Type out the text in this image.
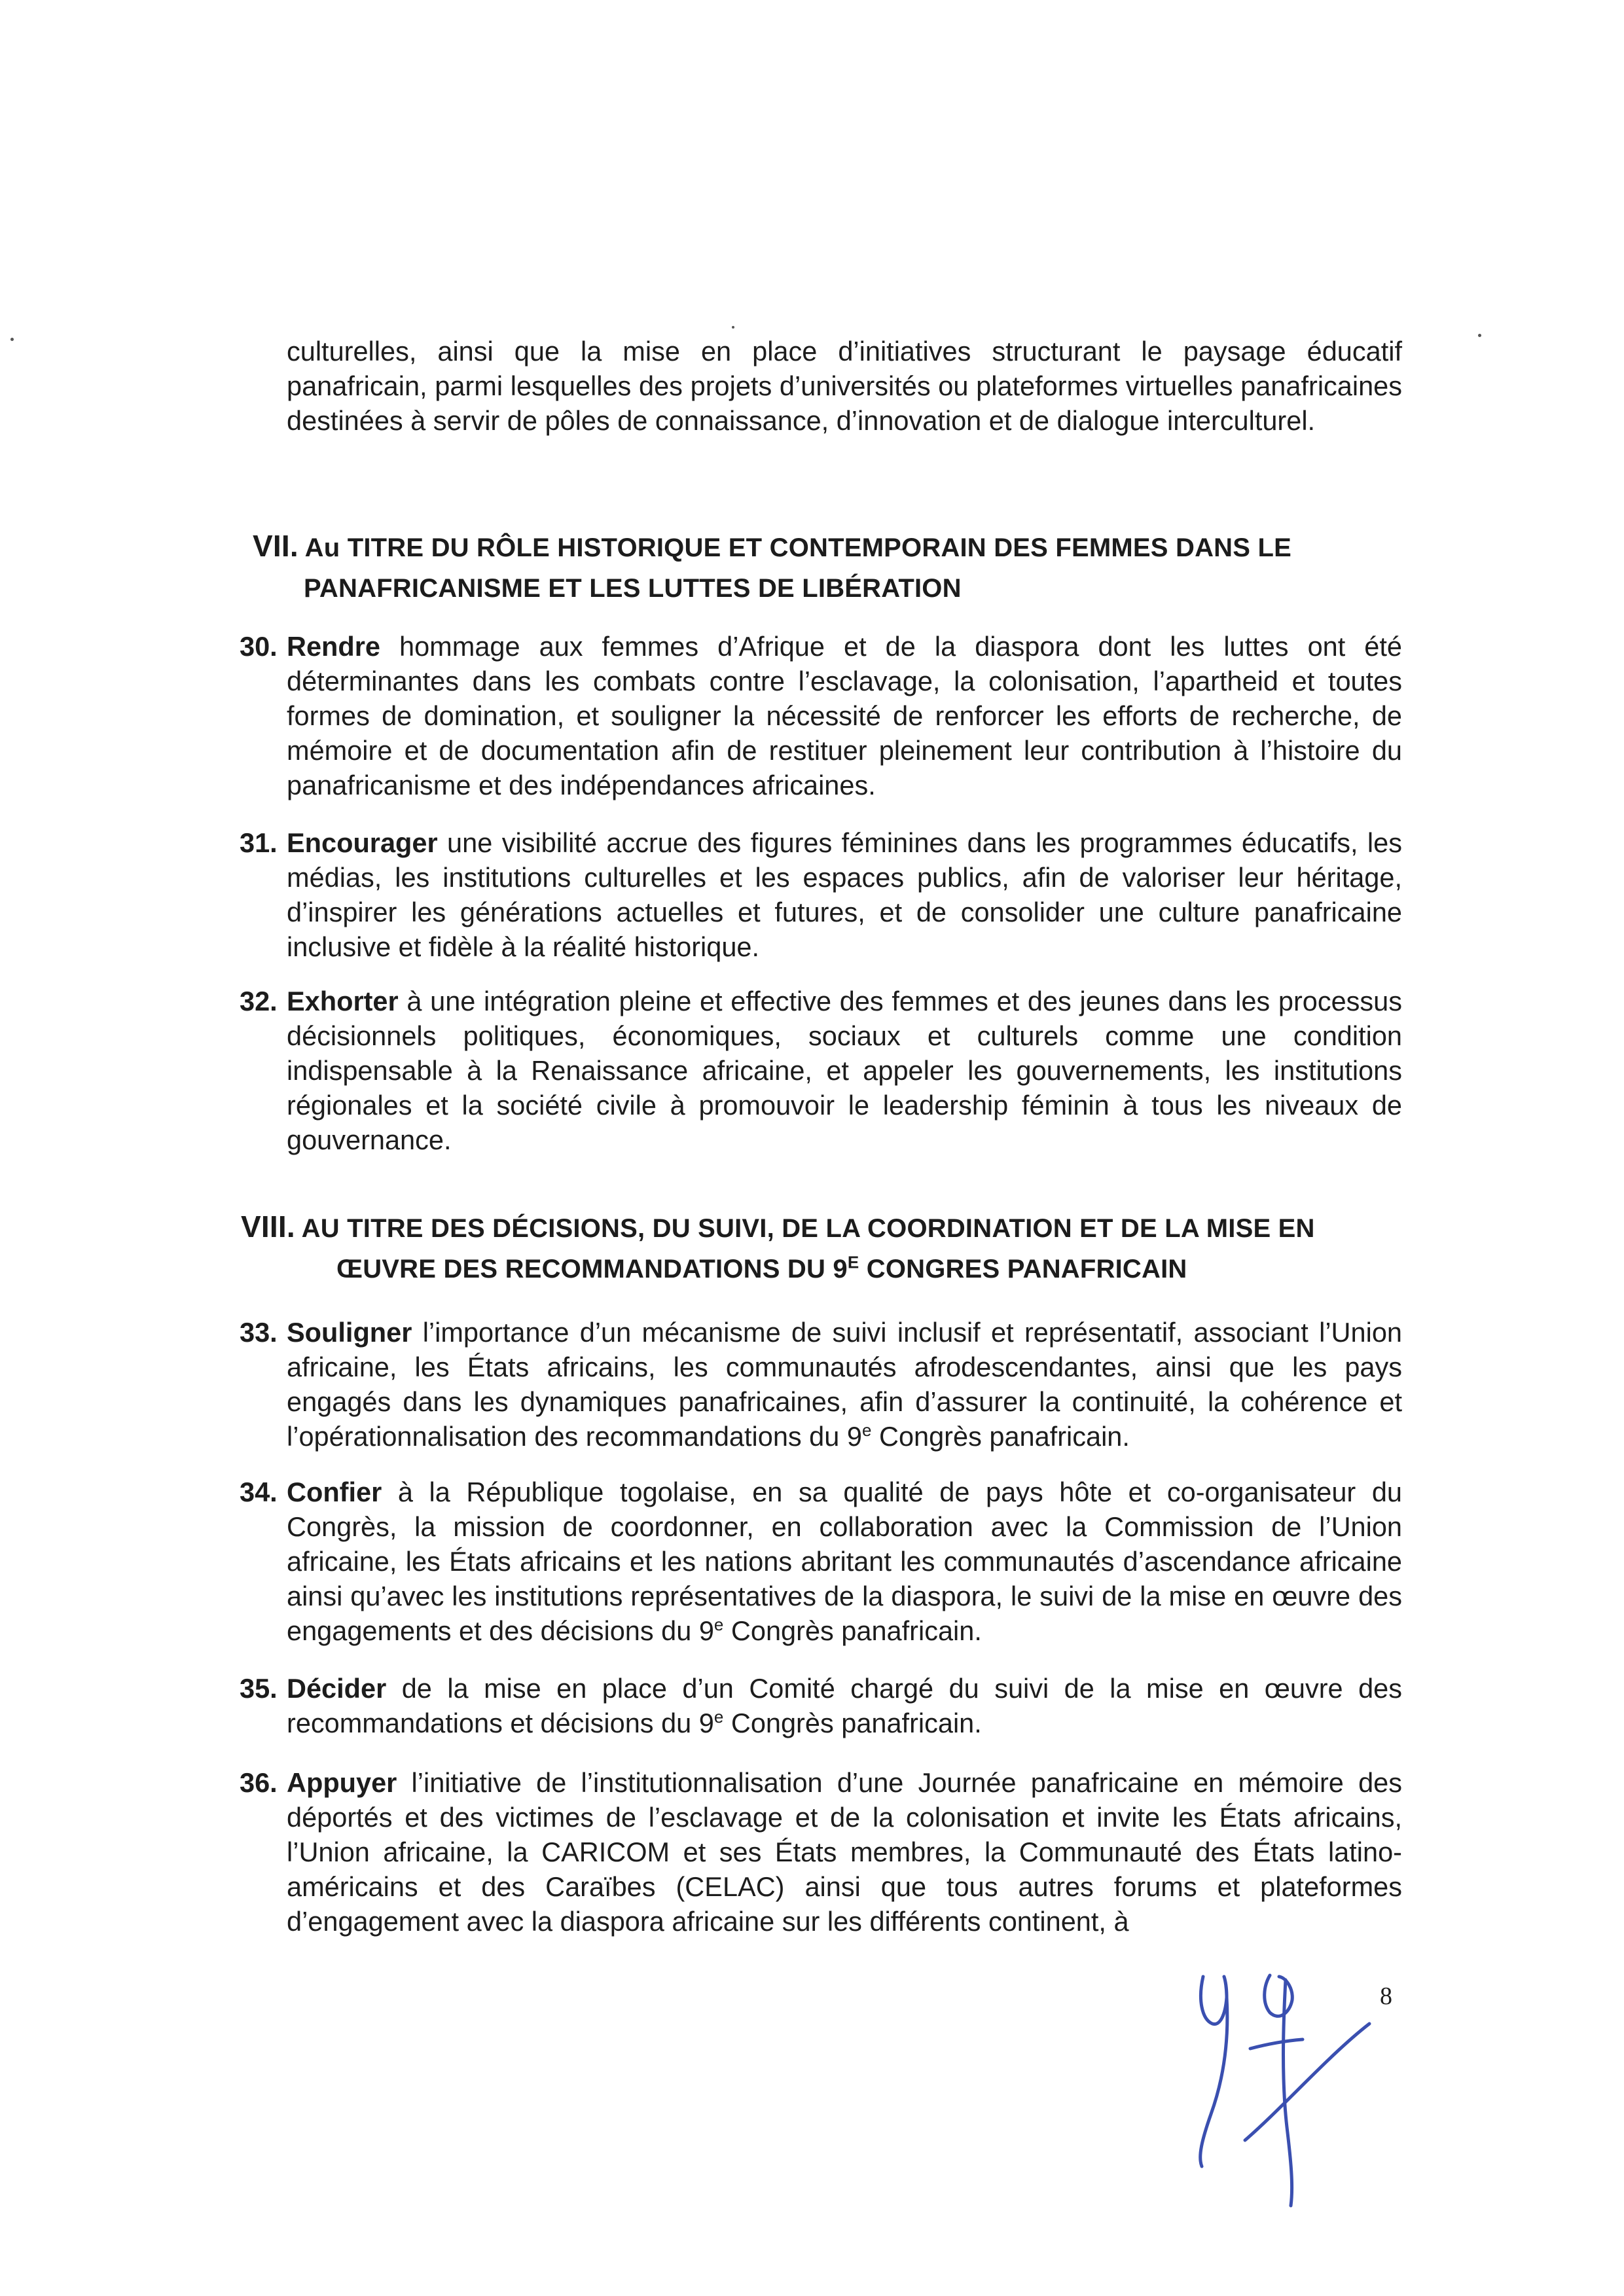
culturelles, ainsi que la mise en place d’initiatives structurant le paysage éducatif panafricain, parmi lesquelles des projets d’universités ou plateformes virtuelles panafricaines destinées à servir de pôles de connaissance, d’innovation et de dialogue interculturel.

VII. Au TITRE DU RÔLE HISTORIQUE ET CONTEMPORAIN DES FEMMES DANS LE
PANAFRICANISME ET LES LUTTES DE LIBÉRATION
30. Rendre hommage aux femmes d’Afrique et de la diaspora dont les luttes ont été déterminantes dans les combats contre l’esclavage, la colonisation, l’apartheid et toutes formes de domination, et souligner la nécessité de renforcer les efforts de recherche, de mémoire et de documentation afin de restituer pleinement leur contribution à l’histoire du panafricanisme et des indépendances africaines.

31. Encourager une visibilité accrue des figures féminines dans les programmes éducatifs, les médias, les institutions culturelles et les espaces publics, afin de valoriser leur héritage, d’inspirer les générations actuelles et futures, et de consolider une culture panafricaine inclusive et fidèle à la réalité historique.

32. Exhorter à une intégration pleine et effective des femmes et des jeunes dans les processus décisionnels politiques, économiques, sociaux et culturels comme une condition indispensable à la Renaissance africaine, et appeler les gouvernements, les institutions régionales et la société civile à promouvoir le leadership féminin à tous les niveaux de gouvernance.

VIII. AU TITRE DES DÉCISIONS, DU SUIVI, DE LA COORDINATION ET DE LA MISE EN
ŒUVRE DES RECOMMANDATIONS DU $9^E$ CONGRES PANAFRICAIN
33. Souligner l’importance d’un mécanisme de suivi inclusif et représentatif, associant l’Union africaine, les États africains, les communautés afrodescendantes, ainsi que les pays engagés dans les dynamiques panafricaines, afin d’assurer la continuité, la cohérence et l’opérationnalisation des recommandations du 9e Congrès panafricain.

34. Confier à la République togolaise, en sa qualité de pays hôte et co-organisateur du Congrès, la mission de coordonner, en collaboration avec la Commission de l’Union africaine, les États africains et les nations abritant les communautés d’ascendance africaine ainsi qu’avec les institutions représentatives de la diaspora, le suivi de la mise en œuvre des engagements et des décisions du 9e Congrès panafricain.

35. Décider de la mise en place d’un Comité chargé du suivi de la mise en œuvre des recommandations et décisions du 9e Congrès panafricain.

36. Appuyer l’initiative de l’institutionnalisation d’une Journée panafricaine en mémoire des déportés et des victimes de l’esclavage et de la colonisation et invite les États africains, l’Union africaine, la CARICOM et ses États membres, la Communauté des États latino-américains et des Caraïbes (CELAC) ainsi que tous autres forums et plateformes d’engagement avec la diaspora africaine sur les différents continent, à

8
